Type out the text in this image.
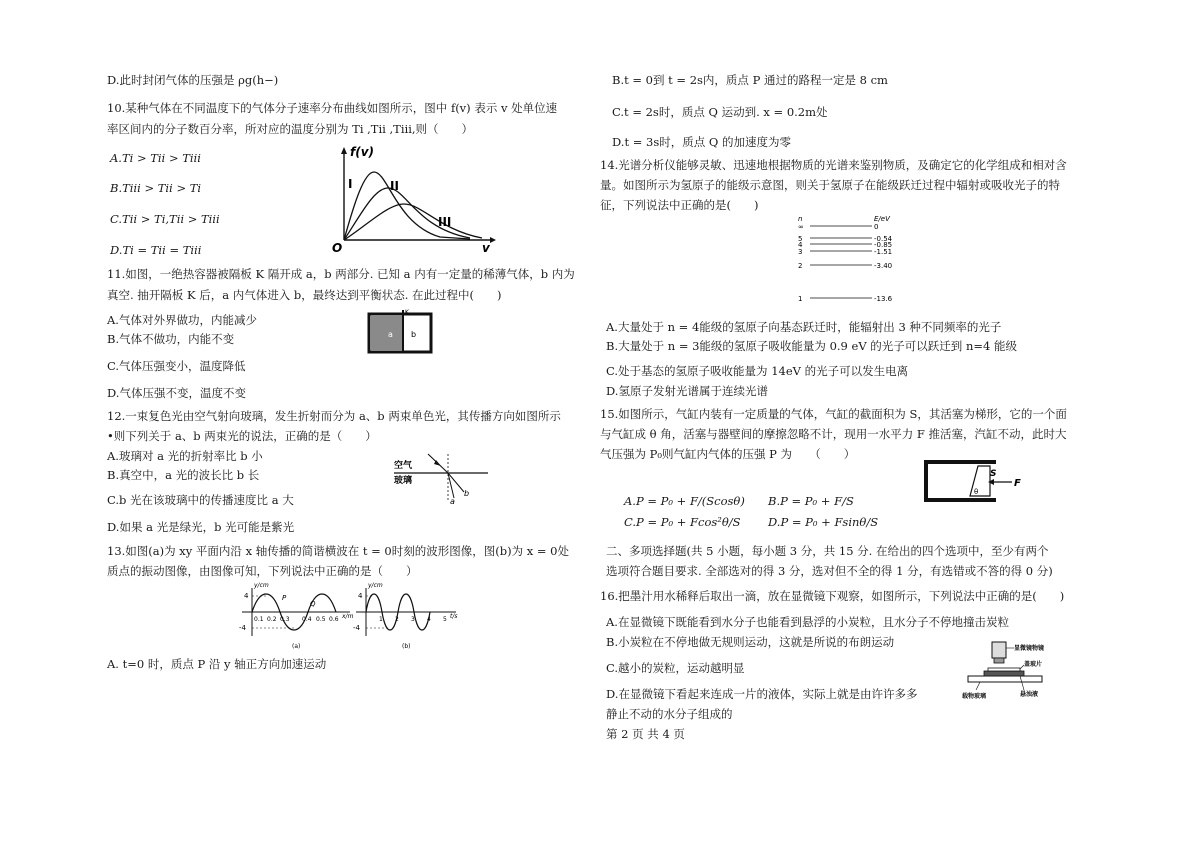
D.此时封闭气体的压强是 ρg(h−)
10.某种气体在不同温度下的气体分子速率分布曲线如图所示，图中 f(v) 表示 v 处单位速
率区间内的分子数百分率，所对应的温度分别为 Tⅰ ,Tⅱ ,Tⅲ,则（　　）
A.Tⅰ > Tⅱ > Tⅲ
B.Tⅲ > Tⅱ > Tⅰ
C.Tⅱ > Tⅰ,Tⅱ > Tⅲ
D.Tⅰ = Tⅱ = Tⅲ
f(v)
O	v
I	II
III
11.如图，一绝热容器被隔板 K 隔开成 a，b 两部分. 已知 a 内有一定量的稀薄气体，b 内为
真空. 抽开隔板 K 后，a 内气体进入 b，最终达到平衡状态. 在此过程中(　　)
A.气体对外界做功，内能减少
B.气体不做功，内能不变
C.气体压强变小，温度降低
D.气体压强不变，温度不变
K
a b
12.一束复色光由空气射向玻璃，发生折射而分为 a、b 两束单色光，其传播方向如图所示
•则下列关于 a、b 两束光的说法，正确的是（　　）
A.玻璃对 a 光的折射率比 b 小
B.真空中，a 光的波长比 b 长
C.b 光在该玻璃中的传播速度比 a 大
D.如果 a 光是绿光，b 光可能是紫光
空气
玻璃
a
b
13.如图(a)为 xy 平面内沿 x 轴传播的简谐横波在 t = 0时刻的波形图像，图(b)为 x = 0处
质点的振动图像，由图像可知，下列说法中正确的是（　　）
y/cm
x/m
4
-4
P
Q
0.1 0.2 0.3 0.4 0.5 0.6
(a)
y/cm
t/s
4
-4
1 2 3 4 5
(b)
A. t=0 时，质点 P 沿 y 轴正方向加速运动
B.t = 0到 t = 2s内，质点 P 通过的路程一定是 8 cm
C.t = 2s时，质点 Q 运动到. x = 0.2m处
D.t = 3s时，质点 Q 的加速度为零
14.光谱分析仪能够灵敏、迅速地根据物质的光谱来鉴别物质，及确定它的化学组成和相对含
量。如图所示为氢原子的能级示意图，则关于氢原子在能级跃迁过程中辐射或吸收光子的特
征，下列说法中正确的是(　　)
n	E/eV
∞	0
5	-0.54
4	-0.85
3	-1.51
2	-3.40
1	-13.6
A.大量处于 n = 4能级的氢原子向基态跃迁时，能辐射出 3 种不同频率的光子
B.大量处于 n = 3能级的氢原子吸收能量为 0.9 eV 的光子可以跃迁到 n=4 能级
C.处于基态的氢原子吸收能量为 14eV 的光子可以发生电离
D.氢原子发射光谱属于连续光谱
15.如图所示，气缸内装有一定质量的气体，气缸的截面积为 S，其活塞为梯形，它的一个面
与气缸成 θ 角，活塞与器壁间的摩擦忽略不计，现用一水平力 F 推活塞，汽缸不动，此时大
气压强为 P₀则气缸内气体的压强 P 为　　（　　）
F
S
θ
A.P = P₀ + F/(Scosθ) B.P = P₀ + F/S
C.P = P₀ + Fcos²θ/S D.P = P₀ + Fsinθ/S
二、多项选择题(共 5 小题，每小题 3 分，共 15 分. 在给出的四个选项中，至少有两个
选项符合题目要求. 全部选对的得 3 分，选对但不全的得 1 分，有选错或不答的得 0 分)
16.把墨汁用水稀释后取出一滴，放在显微镜下观察，如图所示，下列说法中正确的是(　　)
A.在显微镜下既能看到水分子也能看到悬浮的小炭粒，且水分子不停地撞击炭粒
B.小炭粒在不停地做无规则运动，这就是所说的布朗运动
C.越小的炭粒，运动越明显
D.在显微镜下看起来连成一片的液体，实际上就是由许许多多
静止不动的水分子组成的
显微镜物镜
盖玻片
载物玻璃	悬浊液
第 2 页 共 4 页
